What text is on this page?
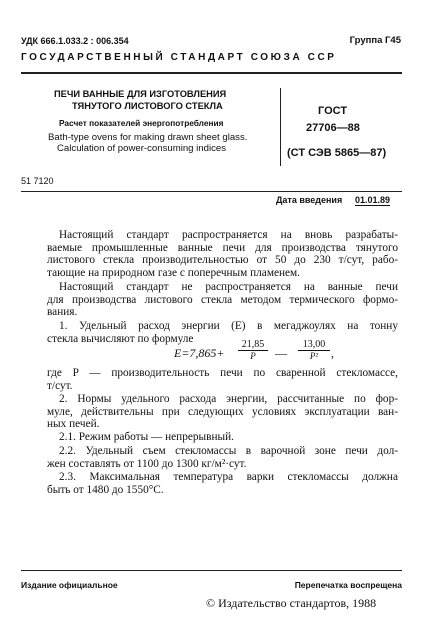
УДК 666.1.033.2 : 006.354	Группа Г45
ГОСУДАРСТВЕННЫЙ СТАНДАРТ СОЮЗА ССР
ПЕЧИ ВАННЫЕ ДЛЯ ИЗГОТОВЛЕНИЯ
ТЯНУТОГО ЛИСТОВОГО СТЕКЛА
Расчет показателей энергопотребления
Bath-type ovens for making drawn sheet glass.
Calculation of power-consuming indices
ГОСТ
27706—88
(СТ СЭВ 5865—87)
51 7120
Дата введения 01.01.89
Настоящий стандарт распространяется на вновь разрабаты-
ваемые промышленные ванные печи для производства тянутого
листового стекла производительностью от 50 до 230 т/сут, рабо-
тающие на природном газе с поперечным пламенем.
Настоящий стандарт не распространяется на ванные печи
для производства листового стекла методом термического формо-
вания.
1. Удельный расход энергии (E) в мегаджоулях на тонну
стекла вычисляют по формуле
E=7,865+
21,85
P	—
13,00
P²	,
где P — производительность печи по сваренной стекломассе,
т/сут.
2. Нормы удельного расхода энергии, рассчитанные по фор-
муле, действительны при следующих условиях эксплуатации ван-
ных печей.
2.1. Режим работы — непрерывный.
2.2. Удельный съем стекломассы в варочной зоне печи дол-
жен составлять от 1100 до 1300 кг/м²·сут.
2.3. Максимальная температура варки стекломассы должна
быть от 1480 до 1550°С.
Издание официальное	Перепечатка воспрещена
© Издательство стандартов, 1988
